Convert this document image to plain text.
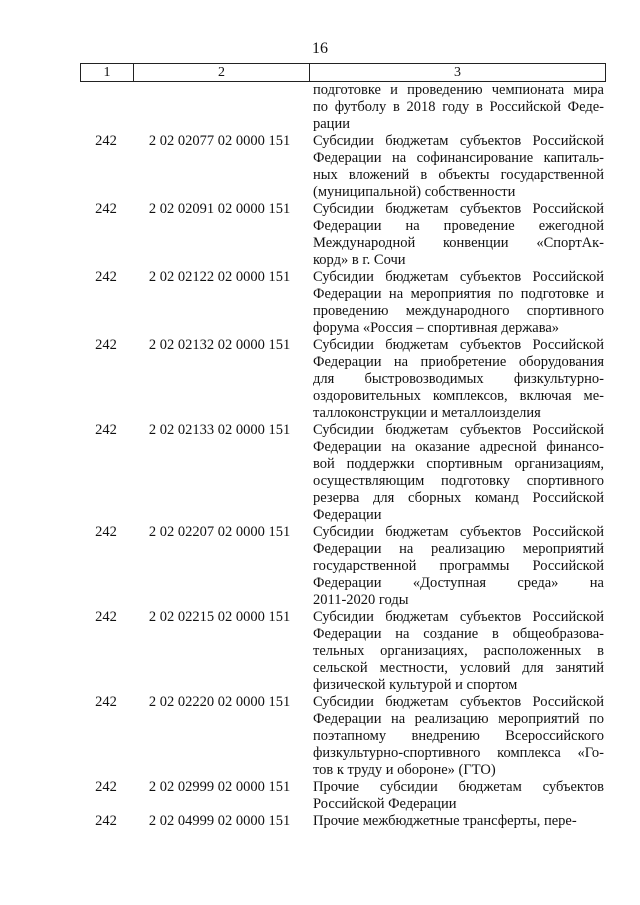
16
1	2	3
подготовке и проведению чемпионата мира
по футболу в 2018 году в Российской Феде-
рации
242	2 02 02077 02 0000 151	Субсидии бюджетам субъектов Российской
Федерации на софинансирование капиталь-
ных вложений в объекты государственной
(муниципальной) собственности
242	2 02 02091 02 0000 151	Субсидии бюджетам субъектов Российской
Федерации на проведение ежегодной
Международной конвенции «СпортАк-
корд» в г. Сочи
242	2 02 02122 02 0000 151	Субсидии бюджетам субъектов Российской
Федерации на мероприятия по подготовке и
проведению международного спортивного
форума «Россия – спортивная держава»
242	2 02 02132 02 0000 151	Субсидии бюджетам субъектов Российской
Федерации на приобретение оборудования
для быстровозводимых физкультурно-
оздоровительных комплексов, включая ме-
таллоконструкции и металлоизделия
242	2 02 02133 02 0000 151	Субсидии бюджетам субъектов Российской
Федерации на оказание адресной финансо-
вой поддержки спортивным организациям,
осуществляющим подготовку спортивного
резерва для сборных команд Российской
Федерации
242	2 02 02207 02 0000 151	Субсидии бюджетам субъектов Российской
Федерации на реализацию мероприятий
государственной программы Российской
Федерации «Доступная среда» на
2011-2020 годы
242	2 02 02215 02 0000 151	Субсидии бюджетам субъектов Российской
Федерации на создание в общеобразова-
тельных организациях, расположенных в
сельской местности, условий для занятий
физической культурой и спортом
242	2 02 02220 02 0000 151	Субсидии бюджетам субъектов Российской
Федерации на реализацию мероприятий по
поэтапному внедрению Всероссийского
физкультурно-спортивного комплекса «Го-
тов к труду и обороне» (ГТО)
242	2 02 02999 02 0000 151	Прочие субсидии бюджетам субъектов
Российской Федерации
242	2 02 04999 02 0000 151	Прочие межбюджетные трансферты, пере-
